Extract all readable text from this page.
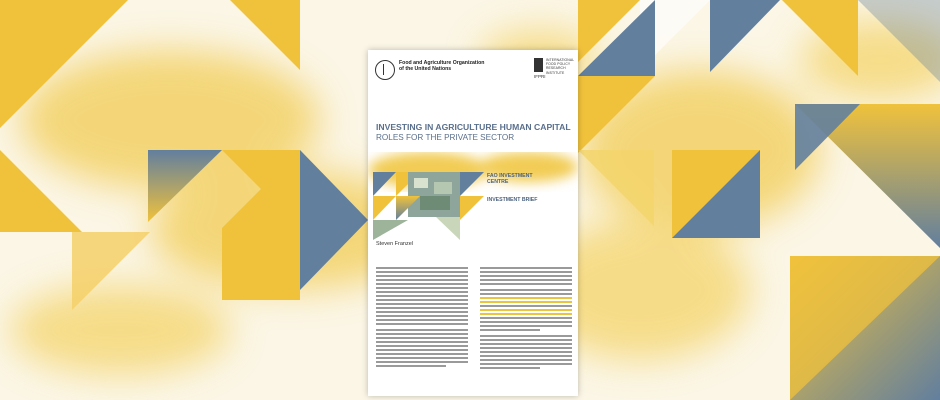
Food and Agriculture Organization of the United Nations
INTERNATIONAL FOOD POLICY RESEARCH INSTITUTE
IFPRI
INVESTING IN AGRICULTURE HUMAN CAPITAL
ROLES FOR THE PRIVATE SECTOR
FAO INVESTMENT CENTRE
INVESTMENT BRIEF
Steven Franzel
